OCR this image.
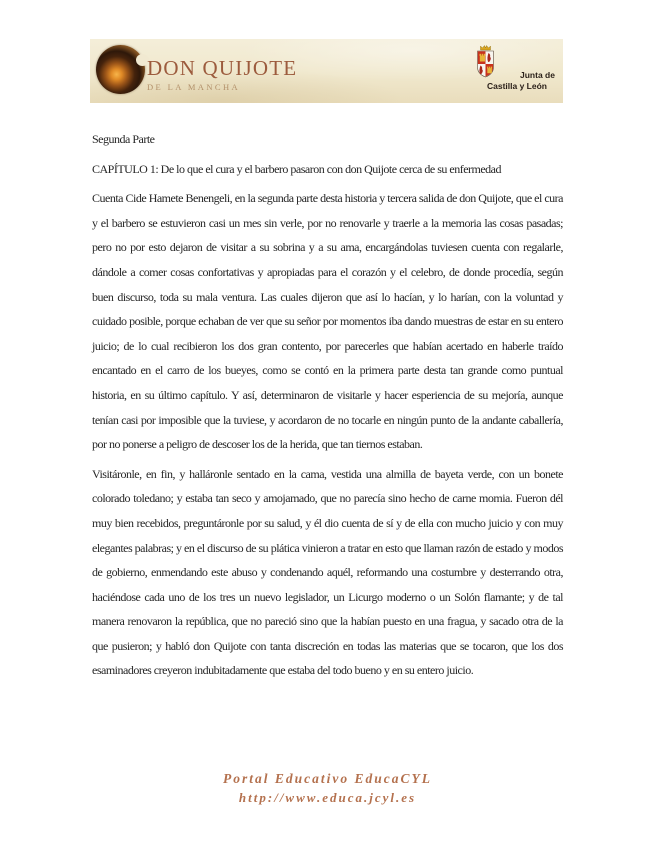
DON QUIJOTE
DE LA MANCHA
Junta de
Castilla y León

Segunda Parte

CAPÍTULO 1: De lo que el cura y el barbero pasaron con don Quijote cerca de su enfermedad

Cuenta Cide Hamete Benengeli, en la segunda parte desta historia y tercera salida de don Quijote, que el cura y el barbero se estuvieron casi un mes sin verle, por no renovarle y traerle a la memoria las cosas pasadas; pero no por esto dejaron de visitar a su sobrina y a su ama, encargándolas tuviesen cuenta con regalarle, dándole a comer cosas confortativas y apropiadas para el corazón y el celebro, de donde procedía, según buen discurso, toda su mala ventura. Las cuales dijeron que así lo hacían, y lo harían, con la voluntad y cuidado posible, porque echaban de ver que su señor por momentos iba dando muestras de estar en su entero juicio; de lo cual recibieron los dos gran contento, por parecerles que habían acertado en haberle traído encantado en el carro de los bueyes, como se contó en la primera parte desta tan grande como puntual historia, en su último capítulo. Y así, determinaron de visitarle y hacer esperiencia de su mejoría, aunque tenían casi por imposible que la tuviese, y acordaron de no tocarle en ningún punto de la andante caballería, por no ponerse a peligro de descoser los de la herida, que tan tiernos estaban.

Visitáronle, en fin, y halláronle sentado en la cama, vestida una almilla de bayeta verde, con un bonete colorado toledano; y estaba tan seco y amojamado, que no parecía sino hecho de carne momia. Fueron dél muy bien recebidos, preguntáronle por su salud, y él dio cuenta de sí y de ella con mucho juicio y con muy elegantes palabras; y en el discurso de su plática vinieron a tratar en esto que llaman razón de estado y modos de gobierno, enmendando este abuso y condenando aquél, reformando una costumbre y desterrando otra, haciéndose cada uno de los tres un nuevo legislador, un Licurgo moderno o un Solón flamante; y de tal manera renovaron la república, que no pareció sino que la habían puesto en una fragua, y sacado otra de la que pusieron; y habló don Quijote con tanta discreción en todas las materias que se tocaron, que los dos esaminadores creyeron indubitadamente que estaba del todo bueno y en su entero juicio.

Portal Educativo EducaCYL
http://www.educa.jcyl.es
